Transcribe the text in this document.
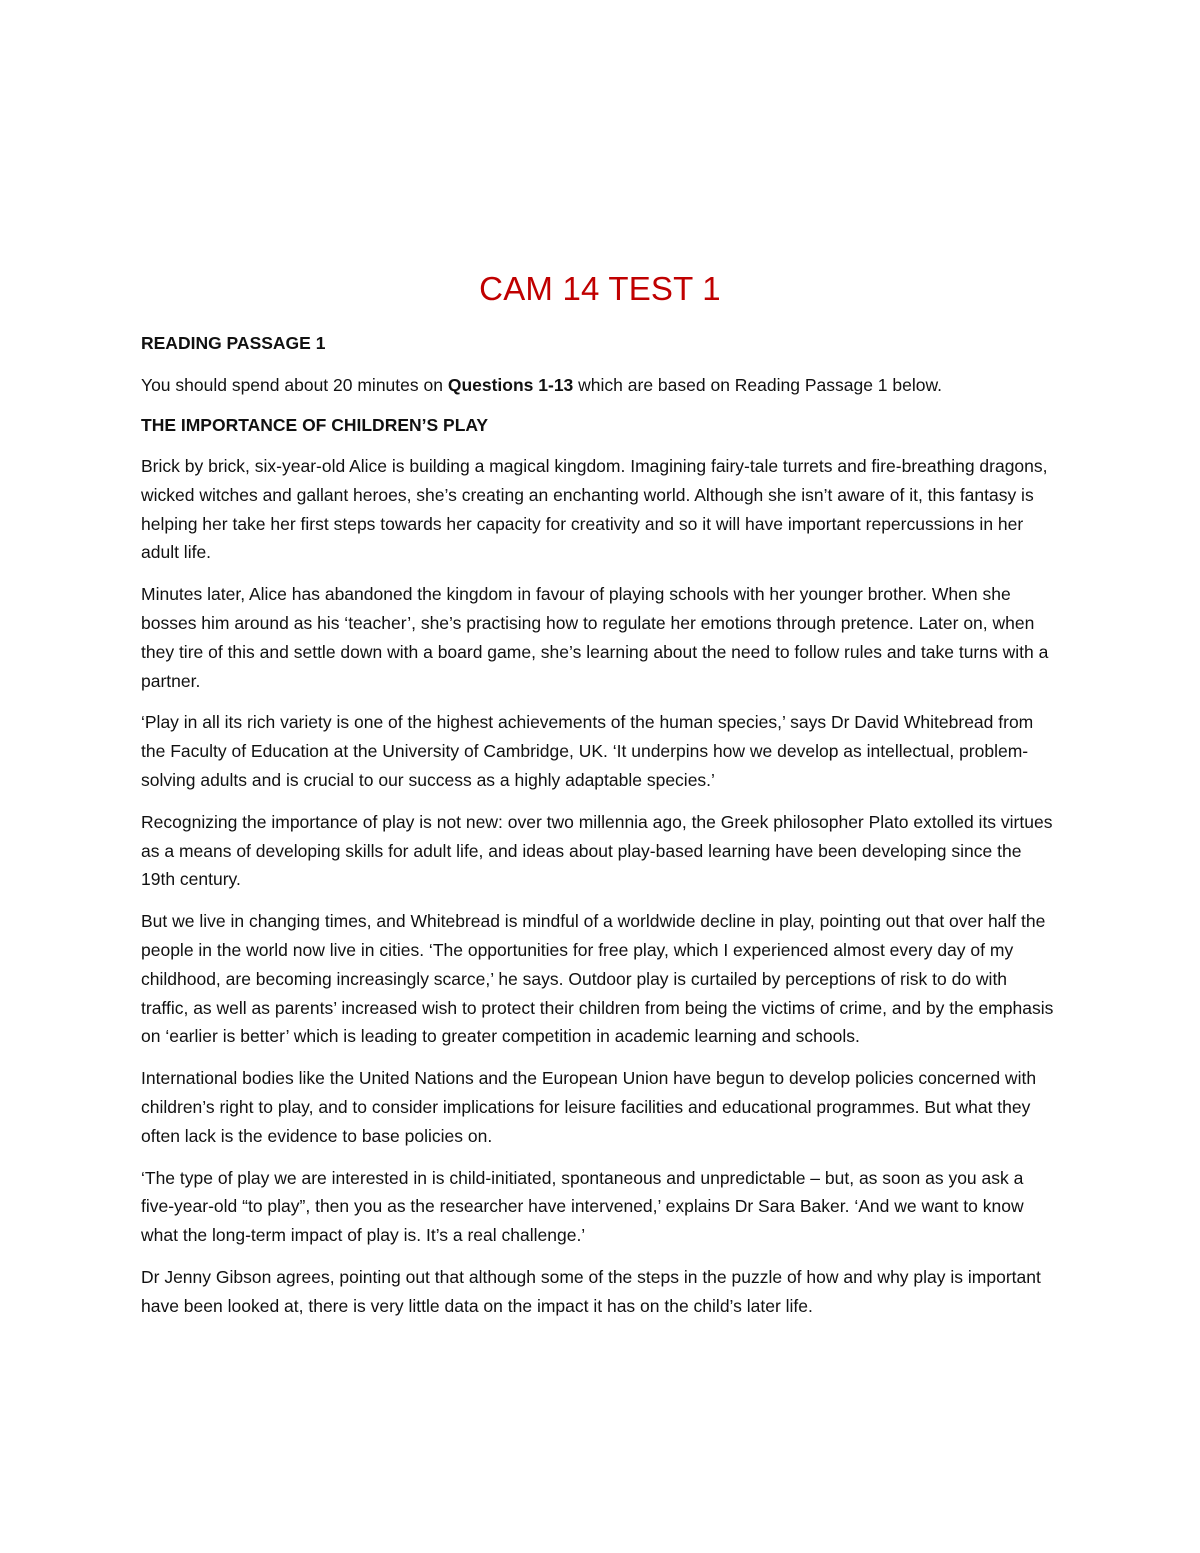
CAM 14 TEST 1
READING PASSAGE 1

You should spend about 20 minutes on Questions 1-13 which are based on Reading Passage 1 below.

THE IMPORTANCE OF CHILDREN’S PLAY

Brick by brick, six-year-old Alice is building a magical kingdom. Imagining fairy-tale turrets and fire-breathing dragons, wicked witches and gallant heroes, she’s creating an enchanting world. Although she isn’t aware of it, this fantasy is helping her take her first steps towards her capacity for creativity and so it will have important repercussions in her adult life.

Minutes later, Alice has abandoned the kingdom in favour of playing schools with her younger brother. When she bosses him around as his ‘teacher’, she’s practising how to regulate her emotions through pretence. Later on, when they tire of this and settle down with a board game, she’s learning about the need to follow rules and take turns with a partner.

‘Play in all its rich variety is one of the highest achievements of the human species,’ says Dr David Whitebread from the Faculty of Education at the University of Cambridge, UK. ‘It underpins how we develop as intellectual, problem-solving adults and is crucial to our success as a highly adaptable species.’

Recognizing the importance of play is not new: over two millennia ago, the Greek philosopher Plato extolled its virtues as a means of developing skills for adult life, and ideas about play-based learning have been developing since the 19th century.

But we live in changing times, and Whitebread is mindful of a worldwide decline in play, pointing out that over half the people in the world now live in cities. ‘The opportunities for free play, which I experienced almost every day of my childhood, are becoming increasingly scarce,’ he says. Outdoor play is curtailed by perceptions of risk to do with traffic, as well as parents’ increased wish to protect their children from being the victims of crime, and by the emphasis on ‘earlier is better’ which is leading to greater competition in academic learning and schools.

International bodies like the United Nations and the European Union have begun to develop policies concerned with children’s right to play, and to consider implications for leisure facilities and educational programmes. But what they often lack is the evidence to base policies on.

‘The type of play we are interested in is child-initiated, spontaneous and unpredictable – but, as soon as you ask a five-year-old “to play”, then you as the researcher have intervened,’ explains Dr Sara Baker. ‘And we want to know what the long-term impact of play is. It’s a real challenge.’

Dr Jenny Gibson agrees, pointing out that although some of the steps in the puzzle of how and why play is important have been looked at, there is very little data on the impact it has on the child’s later life.
